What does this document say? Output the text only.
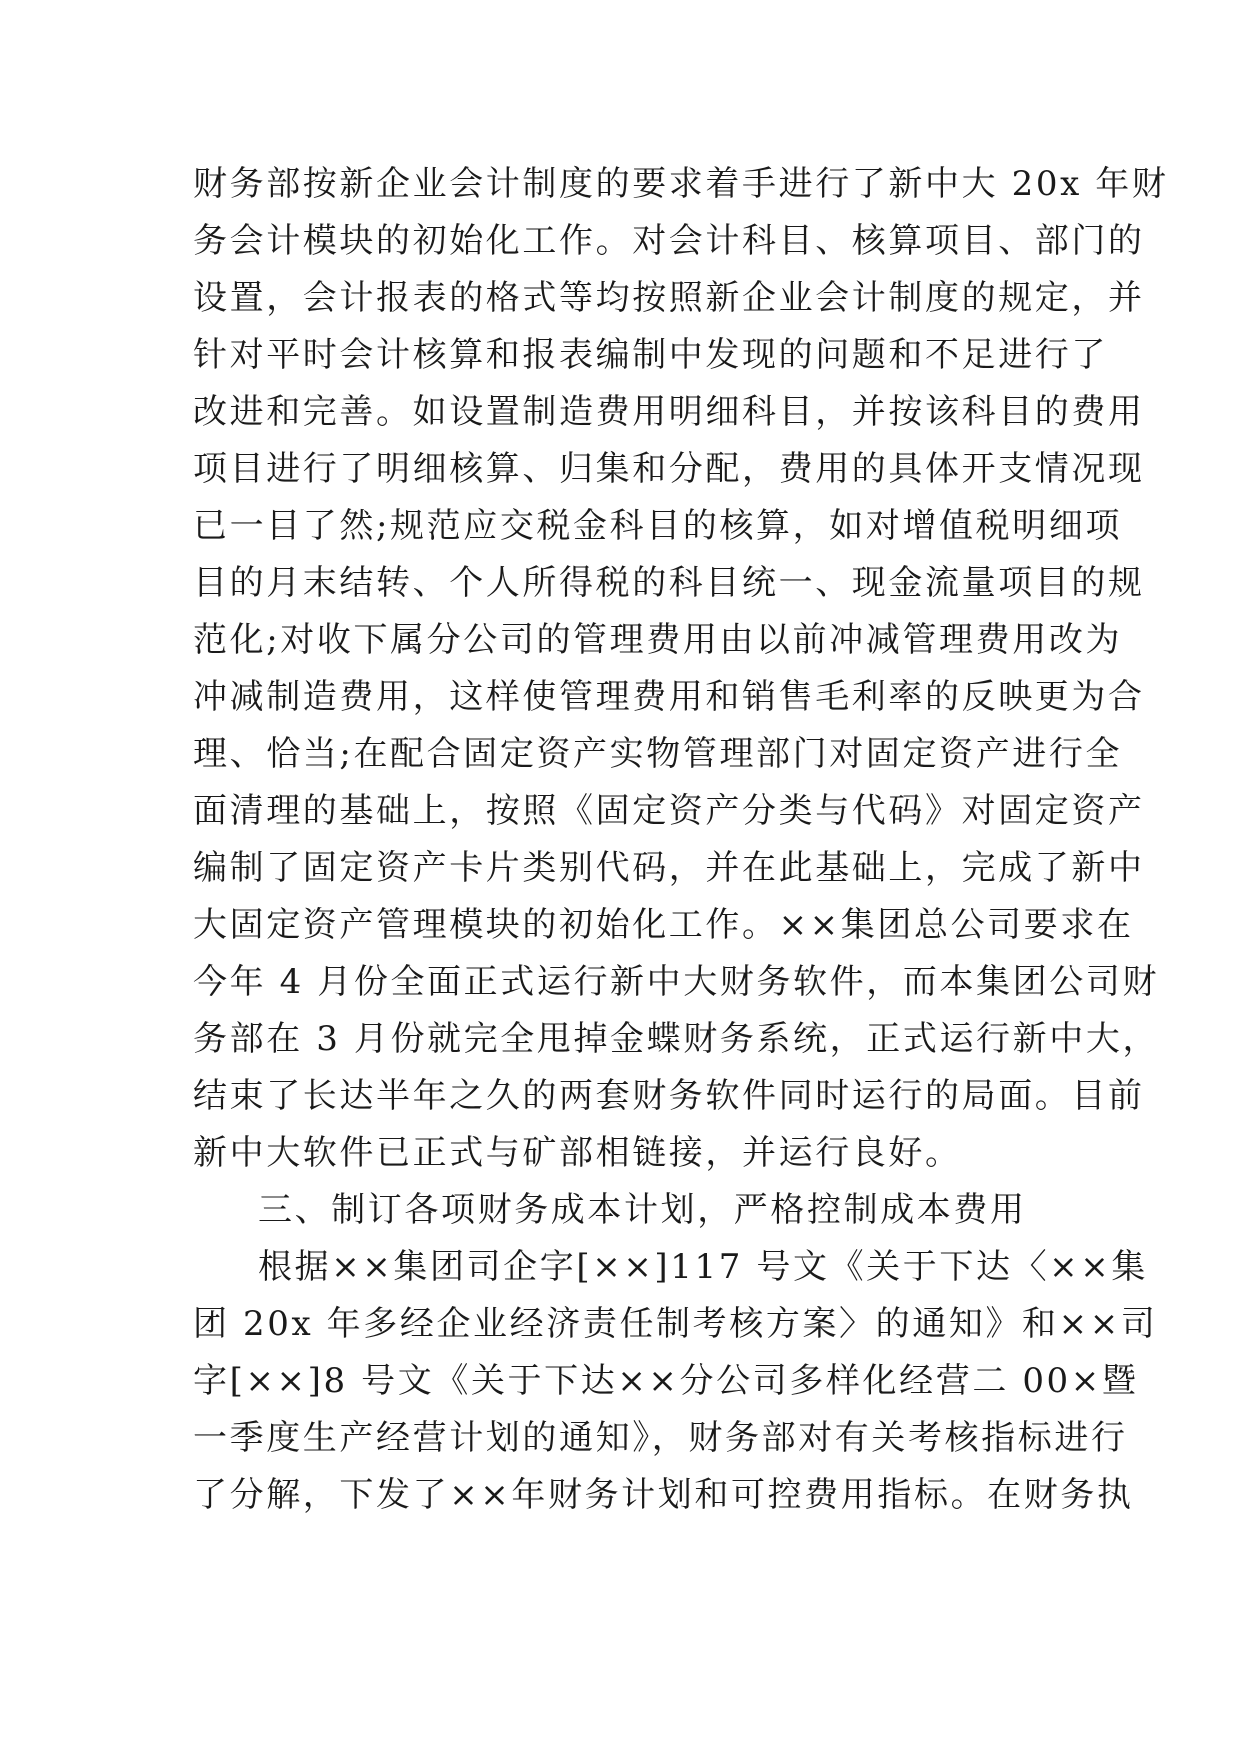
财务部按新企业会计制度的要求着手进行了新中大 20x 年财
务会计模块的初始化工作。对会计科目、核算项目、部门的
设置，会计报表的格式等均按照新企业会计制度的规定，并
针对平时会计核算和报表编制中发现的问题和不足进行了
改进和完善。如设置制造费用明细科目，并按该科目的费用
项目进行了明细核算、归集和分配，费用的具体开支情况现
已一目了然;规范应交税金科目的核算，如对增值税明细项
目的月末结转、个人所得税的科目统一、现金流量项目的规
范化;对收下属分公司的管理费用由以前冲减管理费用改为
冲减制造费用，这样使管理费用和销售毛利率的反映更为合
理、恰当;在配合固定资产实物管理部门对固定资产进行全
面清理的基础上，按照《固定资产分类与代码》对固定资产
编制了固定资产卡片类别代码，并在此基础上，完成了新中
大固定资产管理模块的初始化工作。××集团总公司要求在
今年 4 月份全面正式运行新中大财务软件，而本集团公司财
务部在 3 月份就完全甩掉金蝶财务系统，正式运行新中大，
结束了长达半年之久的两套财务软件同时运行的局面。目前
新中大软件已正式与矿部相链接，并运行良好。
三、制订各项财务成本计划，严格控制成本费用
根据××集团司企字[××]117 号文《关于下达〈××集
团 20x 年多经企业经济责任制考核方案〉的通知》和××司
字[××]8 号文《关于下达××分公司多样化经营二 00×暨
一季度生产经营计划的通知》，财务部对有关考核指标进行
了分解，下发了××年财务计划和可控费用指标。在财务执
